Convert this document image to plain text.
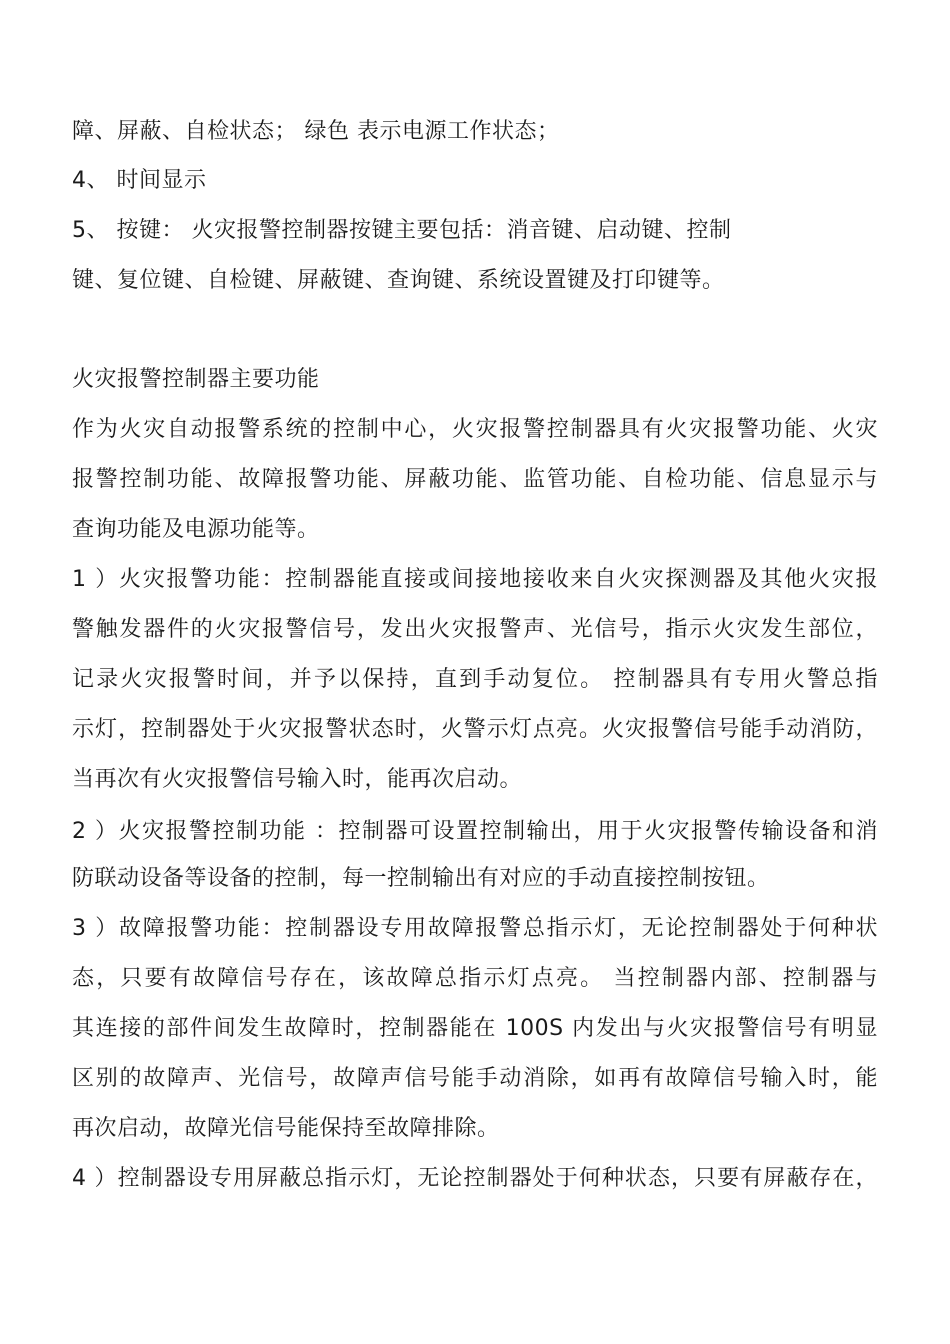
障、屏蔽、自检状态； 绿色 表示电源工作状态；
4、 时间显示
5、 按键： 火灾报警控制器按键主要包括：消音键、启动键、控制
键、复位键、自检键、屏蔽键、查询键、系统设置键及打印键等。
火灾报警控制器主要功能
作为火灾自动报警系统的控制中心，火灾报警控制器具有火灾报警功能、火灾
报警控制功能、故障报警功能、屏蔽功能、监管功能、自检功能、信息显示与
查询功能及电源功能等。
1 ）火灾报警功能：控制器能直接或间接地接收来自火灾探测器及其他火灾报
警触发器件的火灾报警信号，发出火灾报警声、光信号，指示火灾发生部位，
记录火灾报警时间，并予以保持，直到手动复位。 控制器具有专用火警总指
示灯，控制器处于火灾报警状态时，火警示灯点亮。火灾报警信号能手动消防，
当再次有火灾报警信号输入时，能再次启动。
2 ）火灾报警控制功能 ：控制器可设置控制输出，用于火灾报警传输设备和消
防联动设备等设备的控制，每一控制输出有对应的手动直接控制按钮。
3 ）故障报警功能：控制器设专用故障报警总指示灯，无论控制器处于何种状
态，只要有故障信号存在，该故障总指示灯点亮。 当控制器内部、控制器与
其连接的部件间发生故障时，控制器能在 100S 内发出与火灾报警信号有明显
区别的故障声、光信号，故障声信号能手动消除，如再有故障信号输入时，能
再次启动，故障光信号能保持至故障排除。
4 ）控制器设专用屏蔽总指示灯，无论控制器处于何种状态，只要有屏蔽存在，
